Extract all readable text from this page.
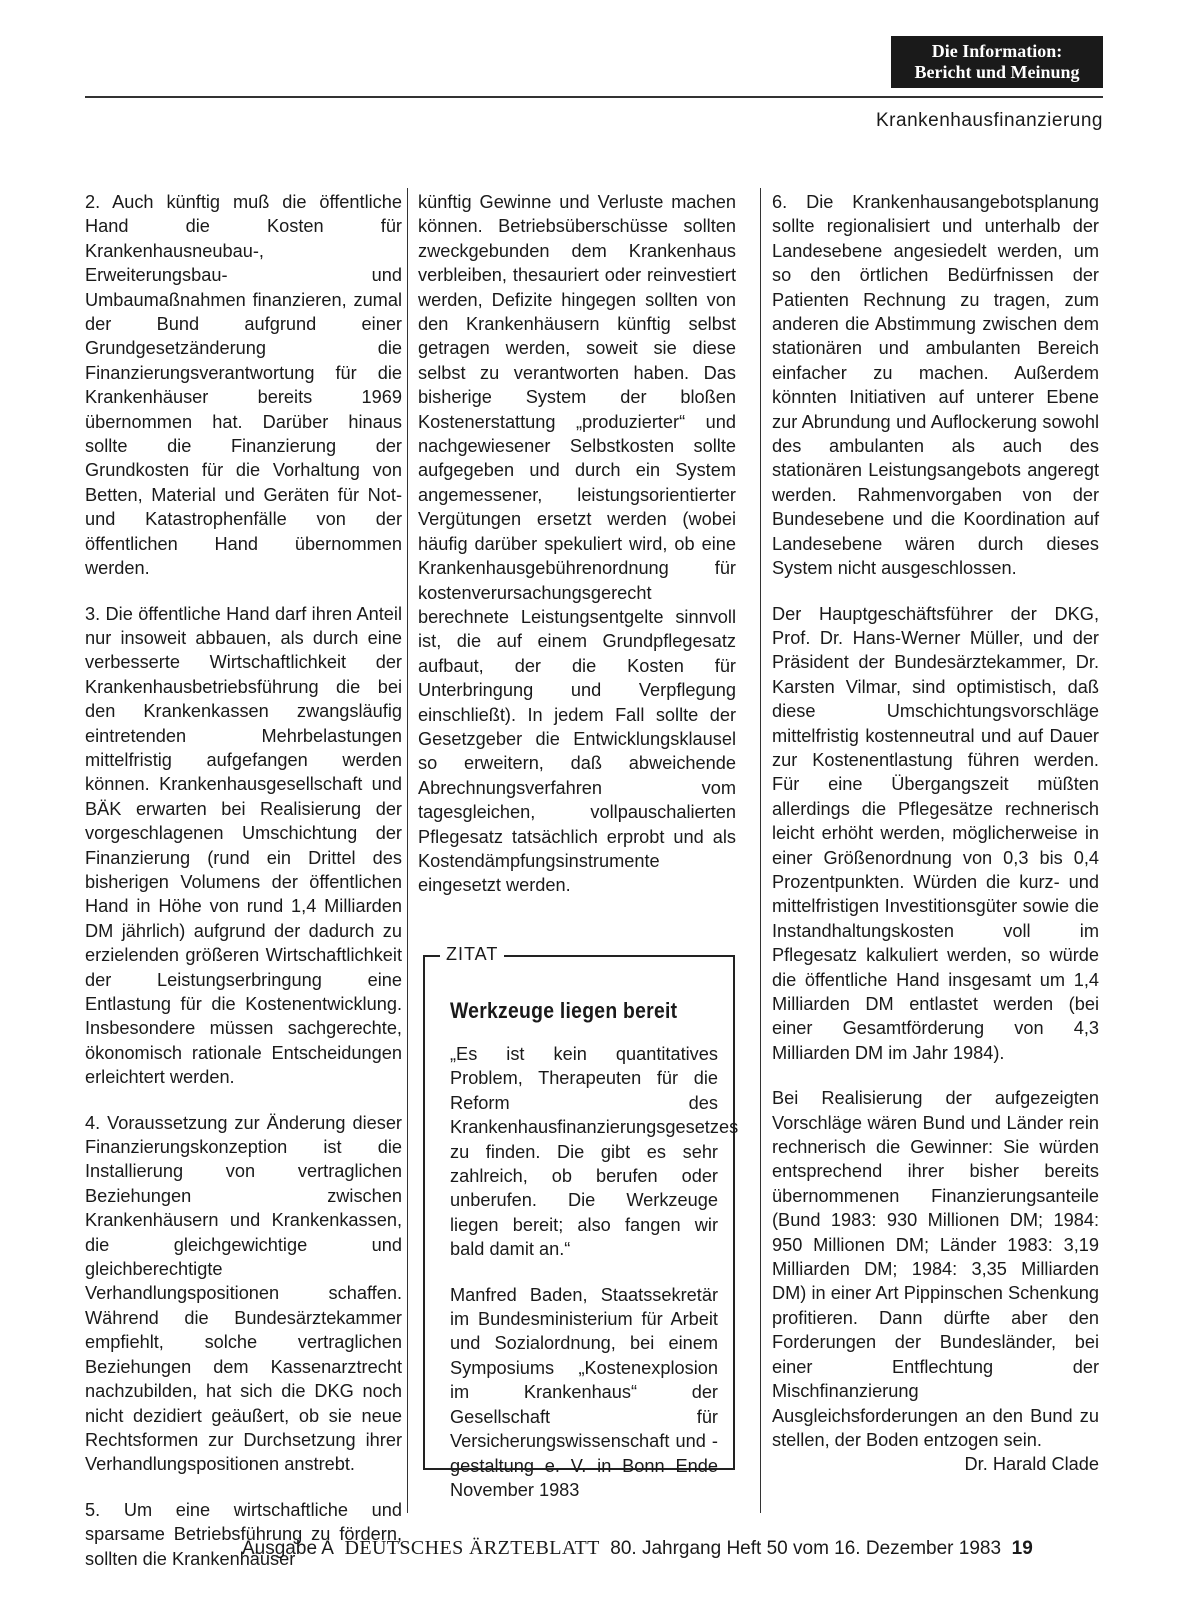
Die Information:
Bericht und Meinung
Krankenhausfinanzierung

2. Auch künftig muß die öffentliche Hand die Kosten für Krankenhausneubau-, Erweiterungsbau- und Umbaumaßnahmen finanzieren, zumal der Bund aufgrund einer Grundgesetzänderung die Finanzierungsverantwortung für die Krankenhäuser bereits 1969 übernommen hat. Darüber hinaus sollte die Finanzierung der Grundkosten für die Vorhaltung von Betten, Material und Geräten für Not- und Katastrophenfälle von der öffentlichen Hand übernommen werden.

3. Die öffentliche Hand darf ihren Anteil nur insoweit abbauen, als durch eine verbesserte Wirtschaftlichkeit der Krankenhausbetriebsführung die bei den Krankenkassen zwangsläufig eintretenden Mehrbelastungen mittelfristig aufgefangen werden können. Krankenhausgesellschaft und BÄK erwarten bei Realisierung der vorgeschlagenen Umschichtung der Finanzierung (rund ein Drittel des bisherigen Volumens der öffentlichen Hand in Höhe von rund 1,4 Milliarden DM jährlich) aufgrund der dadurch zu erzielenden größeren Wirtschaftlichkeit der Leistungserbringung eine Entlastung für die Kostenentwicklung. Insbesondere müssen sachgerechte, ökonomisch rationale Entscheidungen erleichtert werden.

4. Voraussetzung zur Änderung dieser Finanzierungskonzeption ist die Installierung von vertraglichen Beziehungen zwischen Krankenhäusern und Krankenkassen, die gleichgewichtige und gleichberechtigte Verhandlungspositionen schaffen. Während die Bundesärztekammer empfiehlt, solche vertraglichen Beziehungen dem Kassenarztrecht nachzubilden, hat sich die DKG noch nicht dezidiert geäußert, ob sie neue Rechtsformen zur Durchsetzung ihrer Verhandlungspositionen anstrebt.

5. Um eine wirtschaftliche und sparsame Betriebsführung zu fördern, sollten die Krankenhäuser

künftig Gewinne und Verluste machen können. Betriebsüberschüsse sollten zweckgebunden dem Krankenhaus verbleiben, thesauriert oder reinvestiert werden, Defizite hingegen sollten von den Krankenhäusern künftig selbst getragen werden, soweit sie diese selbst zu verantworten haben. Das bisherige System der bloßen Kostenerstattung „produzierter“ und nachgewiesener Selbstkosten sollte aufgegeben und durch ein System angemessener, leistungsorientierter Vergütungen ersetzt werden (wobei häufig darüber spekuliert wird, ob eine Krankenhausgebührenordnung für kostenverursachungsgerecht berechnete Leistungsentgelte sinnvoll ist, die auf einem Grundpflegesatz aufbaut, der die Kosten für Unterbringung und Verpflegung einschließt). In jedem Fall sollte der Gesetzgeber die Entwicklungsklausel so erweitern, daß abweichende Abrechnungsverfahren vom tagesgleichen, vollpauschalierten Pflegesatz tatsächlich erprobt und als Kostendämpfungsinstrumente eingesetzt werden.

ZITAT
Werkzeuge liegen bereit

„Es ist kein quantitatives Problem, Therapeuten für die Reform des Krankenhausfinanzierungsgesetzes zu finden. Die gibt es sehr zahlreich, ob berufen oder unberufen. Die Werkzeuge liegen bereit; also fangen wir bald damit an.“

Manfred Baden, Staatssekretär im Bundesministerium für Arbeit und Sozialordnung, bei einem Symposiums „Kostenexplosion im Krankenhaus“ der Gesellschaft für Versicherungswissenschaft und -gestaltung e. V. in Bonn Ende November 1983

6. Die Krankenhausangebotsplanung sollte regionalisiert und unterhalb der Landesebene angesiedelt werden, um so den örtlichen Bedürfnissen der Patienten Rechnung zu tragen, zum anderen die Abstimmung zwischen dem stationären und ambulanten Bereich einfacher zu machen. Außerdem könnten Initiativen auf unterer Ebene zur Abrundung und Auflockerung sowohl des ambulanten als auch des stationären Leistungsangebots angeregt werden. Rahmenvorgaben von der Bundesebene und die Koordination auf Landesebene wären durch dieses System nicht ausgeschlossen.

Der Hauptgeschäftsführer der DKG, Prof. Dr. Hans-Werner Müller, und der Präsident der Bundesärztekammer, Dr. Karsten Vilmar, sind optimistisch, daß diese Umschichtungsvorschläge mittelfristig kostenneutral und auf Dauer zur Kostenentlastung führen werden. Für eine Übergangszeit müßten allerdings die Pflegesätze rechnerisch leicht erhöht werden, möglicherweise in einer Größenordnung von 0,3 bis 0,4 Prozentpunkten. Würden die kurz- und mittelfristigen Investitionsgüter sowie die Instandhaltungskosten voll im Pflegesatz kalkuliert werden, so würde die öffentliche Hand insgesamt um 1,4 Milliarden DM entlastet werden (bei einer Gesamtförderung von 4,3 Milliarden DM im Jahr 1984).

Bei Realisierung der aufgezeigten Vorschläge wären Bund und Länder rein rechnerisch die Gewinner: Sie würden entsprechend ihrer bisher bereits übernommenen Finanzierungsanteile (Bund 1983: 930 Millionen DM; 1984: 950 Millionen DM; Länder 1983: 3,19 Milliarden DM; 1984: 3,35 Milliarden DM) in einer Art Pippinschen Schenkung profitieren. Dann dürfte aber den Forderungen der Bundesländer, bei einer Entflechtung der Mischfinanzierung Ausgleichsforderungen an den Bund zu stellen, der Boden entzogen sein.
Dr. Harald Clade

Ausgabe A DEUTSCHES ÄRZTEBLATT 80. Jahrgang Heft 50 vom 16. Dezember 1983 19
